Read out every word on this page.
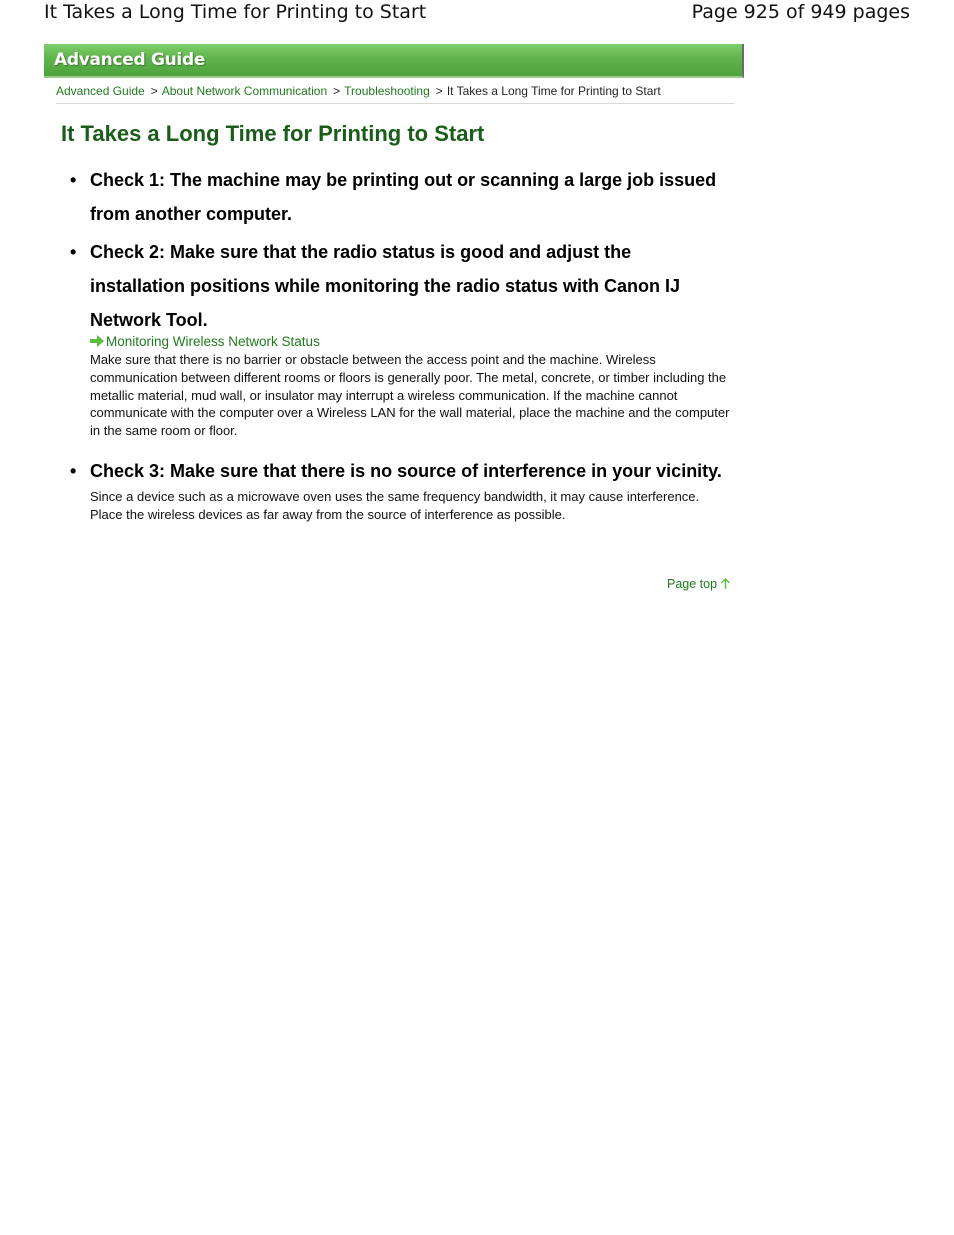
It Takes a Long Time for Printing to Start	Page 925 of 949 pages
Advanced Guide
Advanced Guide > About Network Communication > Troubleshooting > It Takes a Long Time for Printing to Start
It Takes a Long Time for Printing to Start
• Check 1: The machine may be printing out or scanning a large job issued from another computer.
• Check 2: Make sure that the radio status is good and adjust the installation positions while monitoring the radio status with Canon IJ Network Tool.
Monitoring Wireless Network Status

Make sure that there is no barrier or obstacle between the access point and the machine. Wireless communication between different rooms or floors is generally poor. The metal, concrete, or timber including the metallic material, mud wall, or insulator may interrupt a wireless communication. If the machine cannot communicate with the computer over a Wireless LAN for the wall material, place the machine and the computer in the same room or floor.

• Check 3: Make sure that there is no source of interference in your vicinity.

Since a device such as a microwave oven uses the same frequency bandwidth, it may cause interference. Place the wireless devices as far away from the source of interference as possible.

Page top
